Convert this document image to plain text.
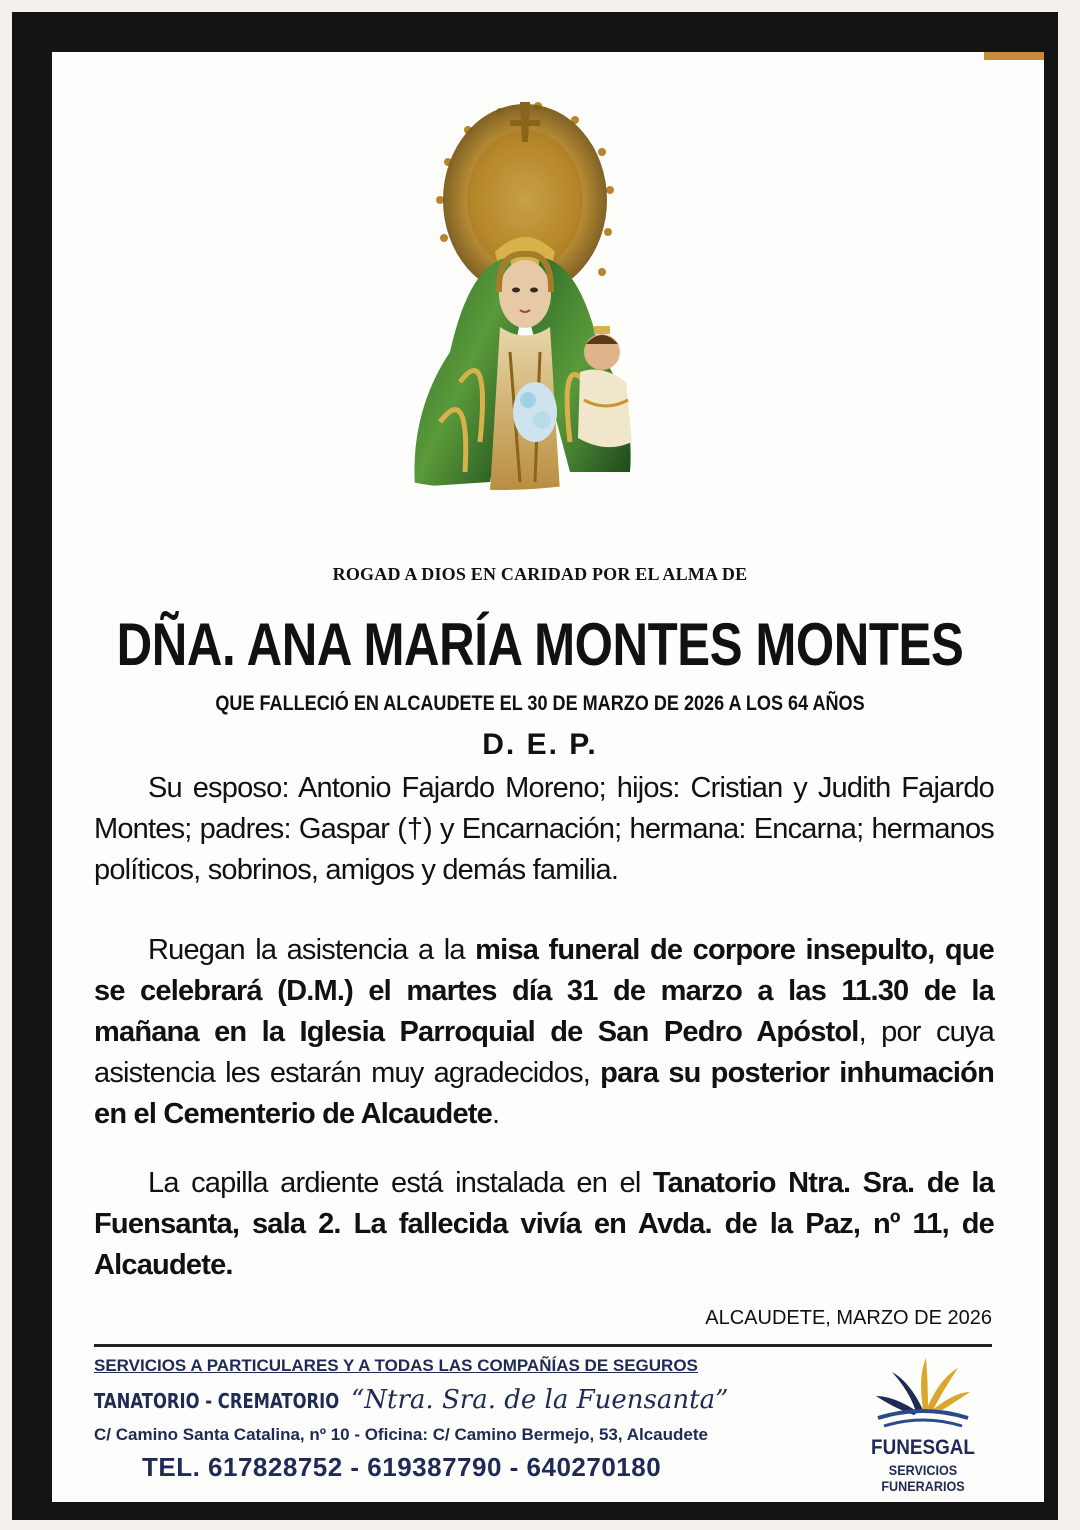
ROGAD A DIOS EN CARIDAD POR EL ALMA DE
DÑA. ANA MARÍA MONTES MONTES
QUE FALLECIÓ EN ALCAUDETE EL 30 DE MARZO DE 2026 A LOS 64 AÑOS
D. E. P.
Su esposo: Antonio Fajardo Moreno; hijos: Cristian y Judith Fajardo Montes; padres: Gaspar (†) y Encarnación; hermana: Encarna; hermanos políticos, sobrinos, amigos y demás familia.
Ruegan la asistencia a la misa funeral de corpore insepulto, que se celebrará (D.M.) el martes día 31 de marzo a las 11.30 de la mañana en la Iglesia Parroquial de San Pedro Apóstol, por cuya asistencia les estarán muy agradecidos, para su posterior inhumación en el Cementerio de Alcaudete.
La capilla ardiente está instalada en el Tanatorio Ntra. Sra. de la Fuensanta, sala 2. La fallecida vivía en Avda. de la Paz, nº 11, de Alcaudete.
ALCAUDETE, MARZO DE 2026
SERVICIOS A PARTICULARES Y A TODAS LAS COMPAÑÍAS DE SEGUROS
TANATORIO - CREMATORIO “Ntra. Sra. de la Fuensanta”
C/ Camino Santa Catalina, nº 10 - Oficina: C/ Camino Bermejo, 53, Alcaudete
TEL. 617828752 - 619387790 - 640270180
FUNESGAL
SERVICIOS FUNERARIOS
